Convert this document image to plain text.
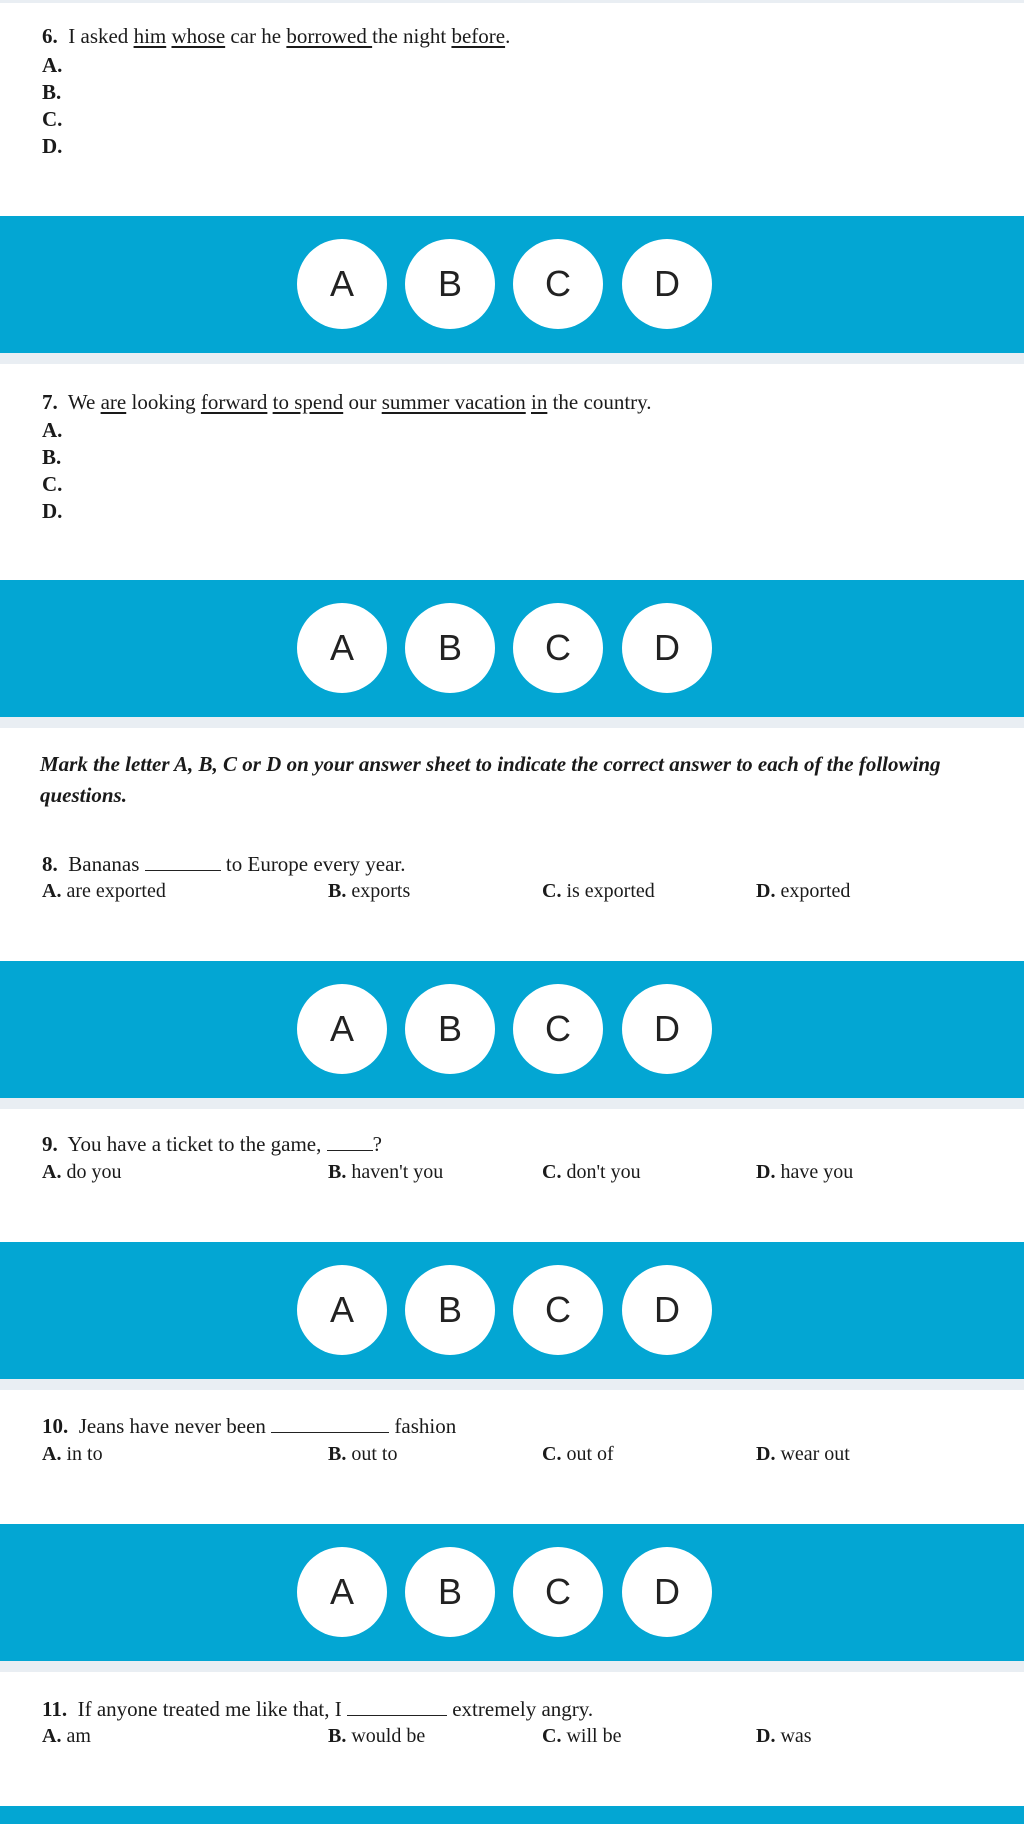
6. I asked him whose car he borrowed the night before.
A.
B.
C.
D.
A	B	C	D
7. We are looking forward to spend our summer vacation in the country.
A.
B.
C.
D.
A	B	C	D
Mark the letter A, B, C or D on your answer sheet to indicate the correct answer to each of the following questions.
8. Bananas	to Europe every year.
A. are exported	B. exports	C. is exported	D. exported
A	B	C	D
9. You have a ticket to the game, ?
A. do you	B. haven't you	C. don't you	D. have you
A	B	C	D
10. Jeans have never been	fashion
A. in to	B. out to	C. out of	D. wear out
A	B	C	D
11. If anyone treated me like that, I	extremely angry.
A. am	B. would be	C. will be	D. was
